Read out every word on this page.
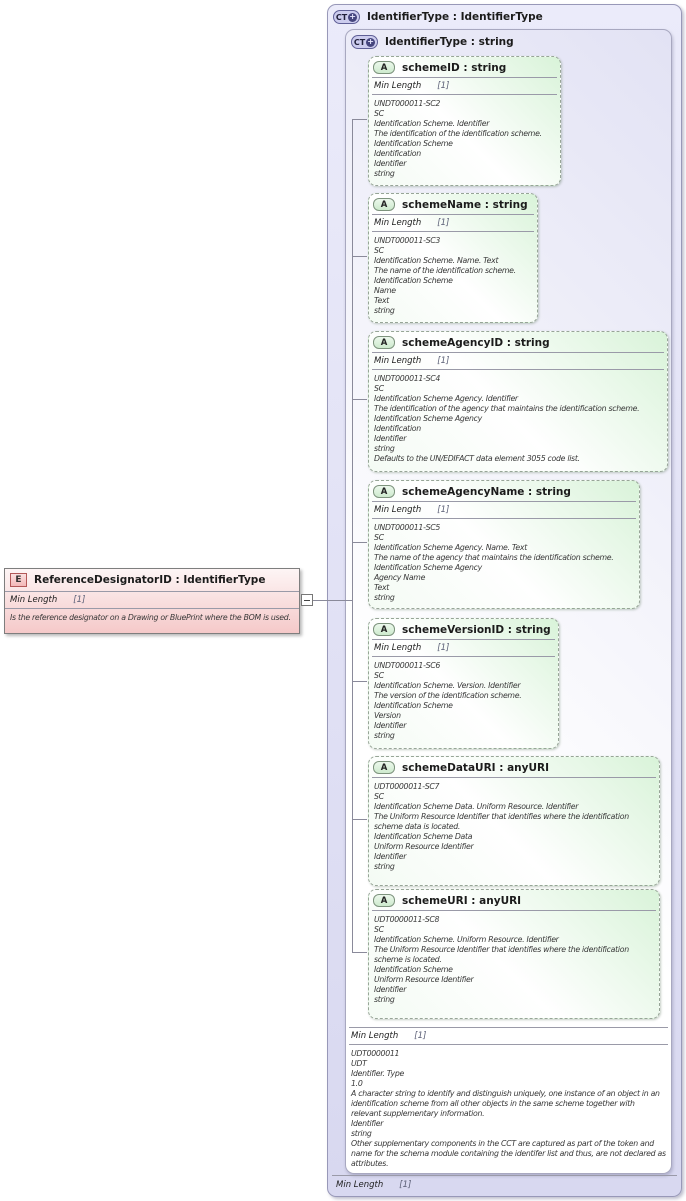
E	ReferenceDesignatorID : IdentifierType
Min Length [1]
Is the reference designator on a Drawing or BluePrint where the BOM is used.
CT + IdentifierType : IdentifierType
CT + IdentifierType : string
A	schemeID : string
Min Length [1]
UNDT000011-SC2
SC
Identification Scheme. Identifier
The identification of the identification scheme.
Identification Scheme
Identification
Identifier
string
A	schemeName : string
Min Length [1]
UNDT000011-SC3
SC
Identification Scheme. Name. Text
The name of the identification scheme.
Identification Scheme
Name
Text
string
A	schemeAgencyID : string
Min Length [1]
UNDT000011-SC4
SC
Identification Scheme Agency. Identifier
The identification of the agency that maintains the identification scheme.
Identification Scheme Agency
Identification
Identifier
string
Defaults to the UN/EDIFACT data element 3055 code list.
A	schemeAgencyName : string
Min Length [1]
UNDT000011-SC5
SC
Identification Scheme Agency. Name. Text
The name of the agency that maintains the identification scheme.
Identification Scheme Agency
Agency Name
Text
string
A	schemeVersionID : string
Min Length [1]
UNDT000011-SC6
SC
Identification Scheme. Version. Identifier
The version of the identification scheme.
Identification Scheme
Version
Identifier
string
A	schemeDataURI : anyURI
UDT0000011-SC7
SC
Identification Scheme Data. Uniform Resource. Identifier
The Uniform Resource Identifier that identifies where the identification scheme data is located.
Identification Scheme Data
Uniform Resource Identifier
Identifier
string
A	schemeURI : anyURI
UDT0000011-SC8
SC
Identification Scheme. Uniform Resource. Identifier
The Uniform Resource Identifier that identifies where the identification scheme is located.
Identification Scheme
Uniform Resource Identifier
Identifier
string
Min Length [1]
UDT0000011
UDT
Identifier. Type
1.0
A character string to identify and distinguish uniquely, one instance of an object in an identification scheme from all other objects in the same scheme together with relevant supplementary information.
Identifier
string
Other supplementary components in the CCT are captured as part of the token and name for the schema module containing the identifer list and thus, are not declared as attributes.
Min Length [1]
